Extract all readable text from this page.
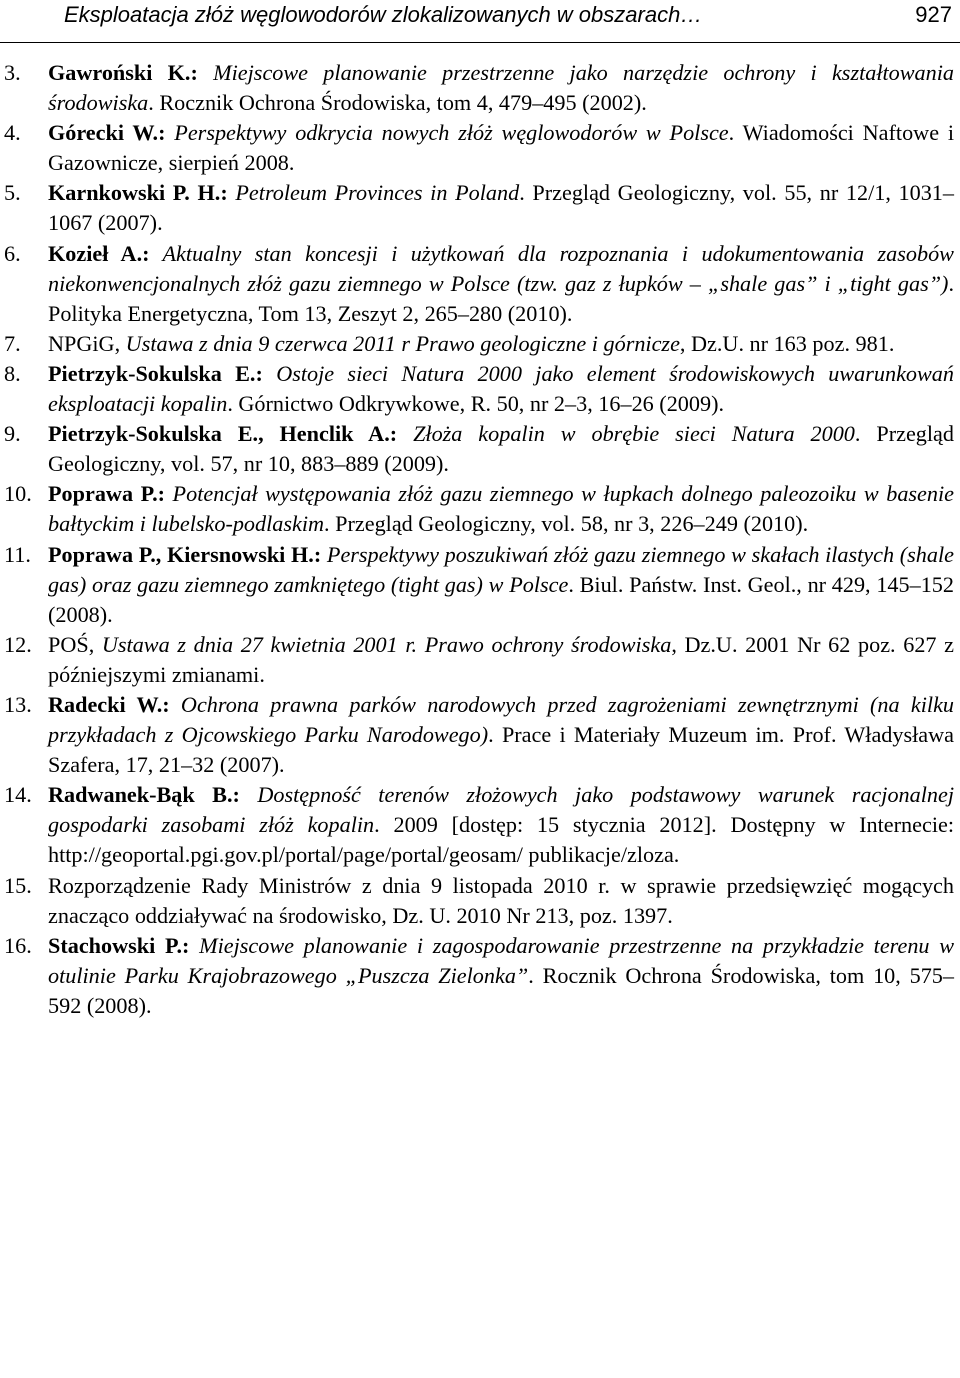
Eksploatacja złóż węglowodorów zlokalizowanych w obszarach…	927

3. Gawroński K.: Miejscowe planowanie przestrzenne jako narzędzie ochrony i kształtowania środowiska. Rocznik Ochrona Środowiska, tom 4, 479–495 (2002).

4. Górecki W.: Perspektywy odkrycia nowych złóż węglowodorów w Polsce. Wiadomości Naftowe i Gazownicze, sierpień 2008.

5. Karnkowski P. H.: Petroleum Provinces in Poland. Przegląd Geologiczny, vol. 55, nr 12/1, 1031–1067 (2007).

6. Kozieł A.: Aktualny stan koncesji i użytkowań dla rozpoznania i udokumentowania zasobów niekonwencjonalnych złóż gazu ziemnego w Polsce (tzw. gaz z łupków – „shale gas” i „tight gas”). Polityka Energetyczna, Tom 13, Zeszyt 2, 265–280 (2010).

7. NPGiG, Ustawa z dnia 9 czerwca 2011 r Prawo geologiczne i górnicze, Dz.U. nr 163 poz. 981.

8. Pietrzyk-Sokulska E.: Ostoje sieci Natura 2000 jako element środowiskowych uwarunkowań eksploatacji kopalin. Górnictwo Odkrywkowe, R. 50, nr 2–3, 16–26 (2009).

9. Pietrzyk-Sokulska E., Henclik A.: Złoża kopalin w obrębie sieci Natura 2000. Przegląd Geologiczny, vol. 57, nr 10, 883–889 (2009).

10. Poprawa P.: Potencjał występowania złóż gazu ziemnego w łupkach dolnego paleozoiku w basenie bałtyckim i lubelsko-podlaskim. Przegląd Geologiczny, vol. 58, nr 3, 226–249 (2010).

11. Poprawa P., Kiersnowski H.: Perspektywy poszukiwań złóż gazu ziemnego w skałach ilastych (shale gas) oraz gazu ziemnego zamkniętego (tight gas) w Polsce. Biul. Państw. Inst. Geol., nr 429, 145–152 (2008).

12. POŚ, Ustawa z dnia 27 kwietnia 2001 r. Prawo ochrony środowiska, Dz.U. 2001 Nr 62 poz. 627 z późniejszymi zmianami.

13. Radecki W.: Ochrona prawna parków narodowych przed zagrożeniami zewnętrznymi (na kilku przykładach z Ojcowskiego Parku Narodowego). Prace i Materiały Muzeum im. Prof. Władysława Szafera, 17, 21–32 (2007).

14. Radwanek-Bąk B.: Dostępność terenów złożowych jako podstawowy warunek racjonalnej gospodarki zasobami złóż kopalin. 2009 [dostęp: 15 stycznia 2012]. Dostępny w Internecie: http://geoportal.pgi.gov.pl/portal/page/portal/geosam/ publikacje/zloza.

15. Rozporządzenie Rady Ministrów z dnia 9 listopada 2010 r. w sprawie przedsięwzięć mogących znacząco oddziaływać na środowisko, Dz. U. 2010 Nr 213, poz. 1397.

16. Stachowski P.: Miejscowe planowanie i zagospodarowanie przestrzenne na przykładzie terenu w otulinie Parku Krajobrazowego „Puszcza Zielonka”. Rocznik Ochrona Środowiska, tom 10, 575–592 (2008).
